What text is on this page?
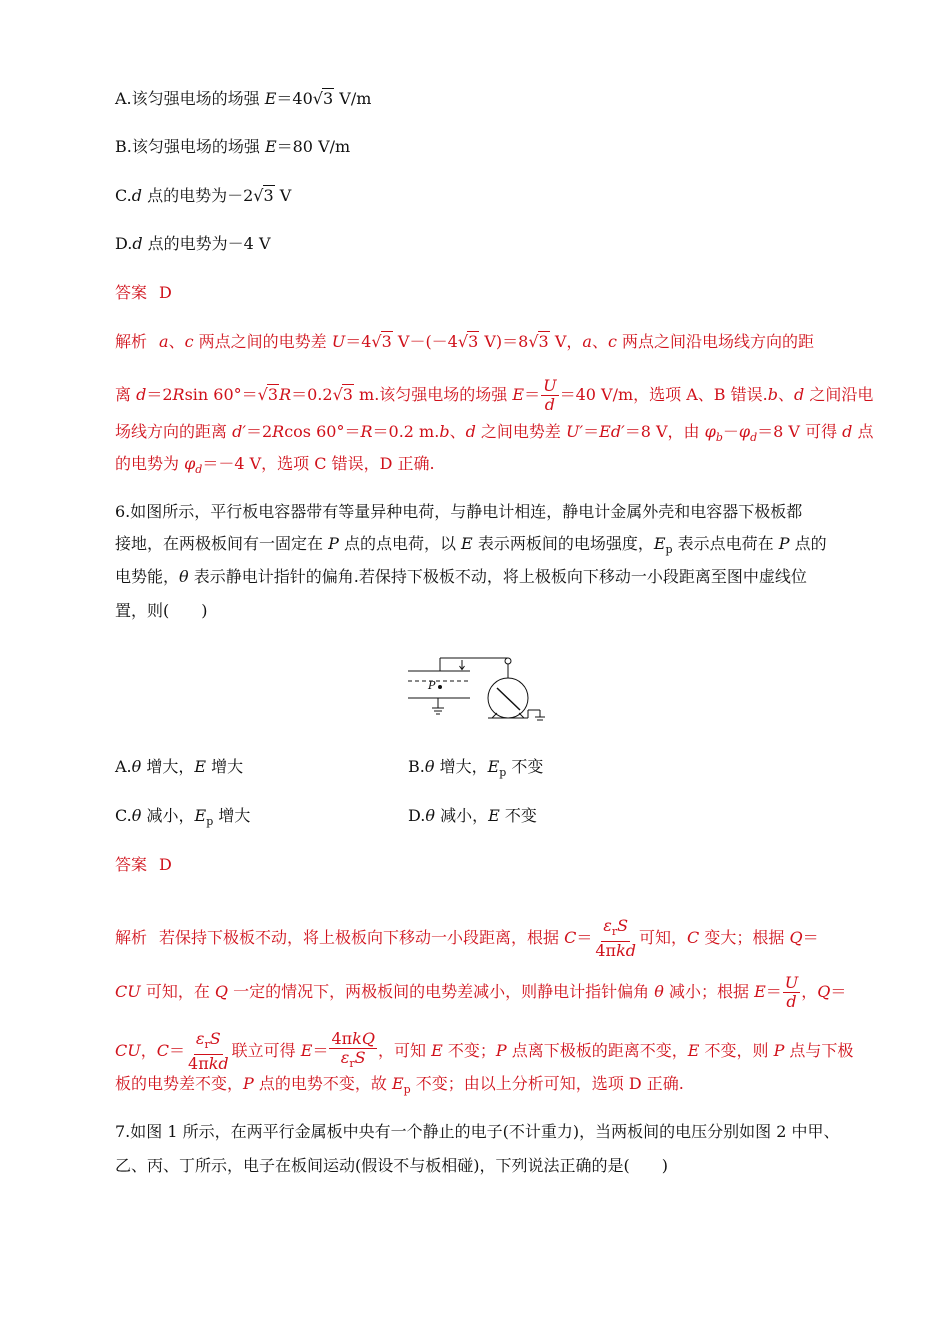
A.该匀强电场的场强 E＝40√3 V/m
B.该匀强电场的场强 E＝80 V/m
C.d 点的电势为－2√3 V
D.d 点的电势为－4 V
答案 D
解析 a、c 两点之间的电势差 U＝4√3 V－(－4√3 V)＝8√3 V，a、c 两点之间沿电场线方向的距
离 d＝2Rsin 60°＝√3R＝0.2√3 m.该匀强电场的场强 $E= \frac{U}{d} =40$ V/m，选项 A、B 错误.b、d 之间沿电
场线方向的距离 d′＝2Rcos 60°＝R＝0.2 m.b、d 之间电势差 U′＝Ed′＝8 V，由 $\varphi_b-\varphi_d=8$ V 可得 d 点
的电势为 $\varphi_d=-4$ V，选项 C 错误，D 正确.
6.如图所示，平行板电容器带有等量异种电荷，与静电计相连，静电计金属外壳和电容器下极板都
接地，在两极板间有一固定在 P 点的点电荷，以 E 表示两板间的电场强度，$E_p$ 表示点电荷在 P 点的
电势能，θ 表示静电计指针的偏角.若保持下极板不动，将上极板向下移动一小段距离至图中虚线位
置，则(　　)
P
A.θ 增大，E 增大	B.θ 增大，$E_p$ 不变
C.θ 减小，$E_p$ 增大	D.θ 减小，E 不变
答案 D
解析 若保持下极板不动，将上极板向下移动一小段距离，根据 $C= \frac{\varepsilon_rS}{\text{4πkd}}$ 可知，C 变大；根据 Q＝
CU 可知，在 Q 一定的情况下，两极板间的电势差减小，则静电计指针偏角 θ 减小；根据 $E= \frac{U}{d}$ ，Q＝
CU，$C= \frac{\varepsilon_rS}{\text{4πkd}}$ 联立可得 $E= \frac{\text{4πkQ}}{\varepsilon_rS}$ ，可知 E 不变；P 点离下极板的距离不变，E 不变，则 P 点与下极
板的电势差不变，P 点的电势不变，故 $E_p$ 不变；由以上分析可知，选项 D 正确.
7.如图 1 所示，在两平行金属板中央有一个静止的电子(不计重力)，当两板间的电压分别如图 2 中甲、
乙、丙、丁所示，电子在板间运动(假设不与板相碰)，下列说法正确的是(　　)
